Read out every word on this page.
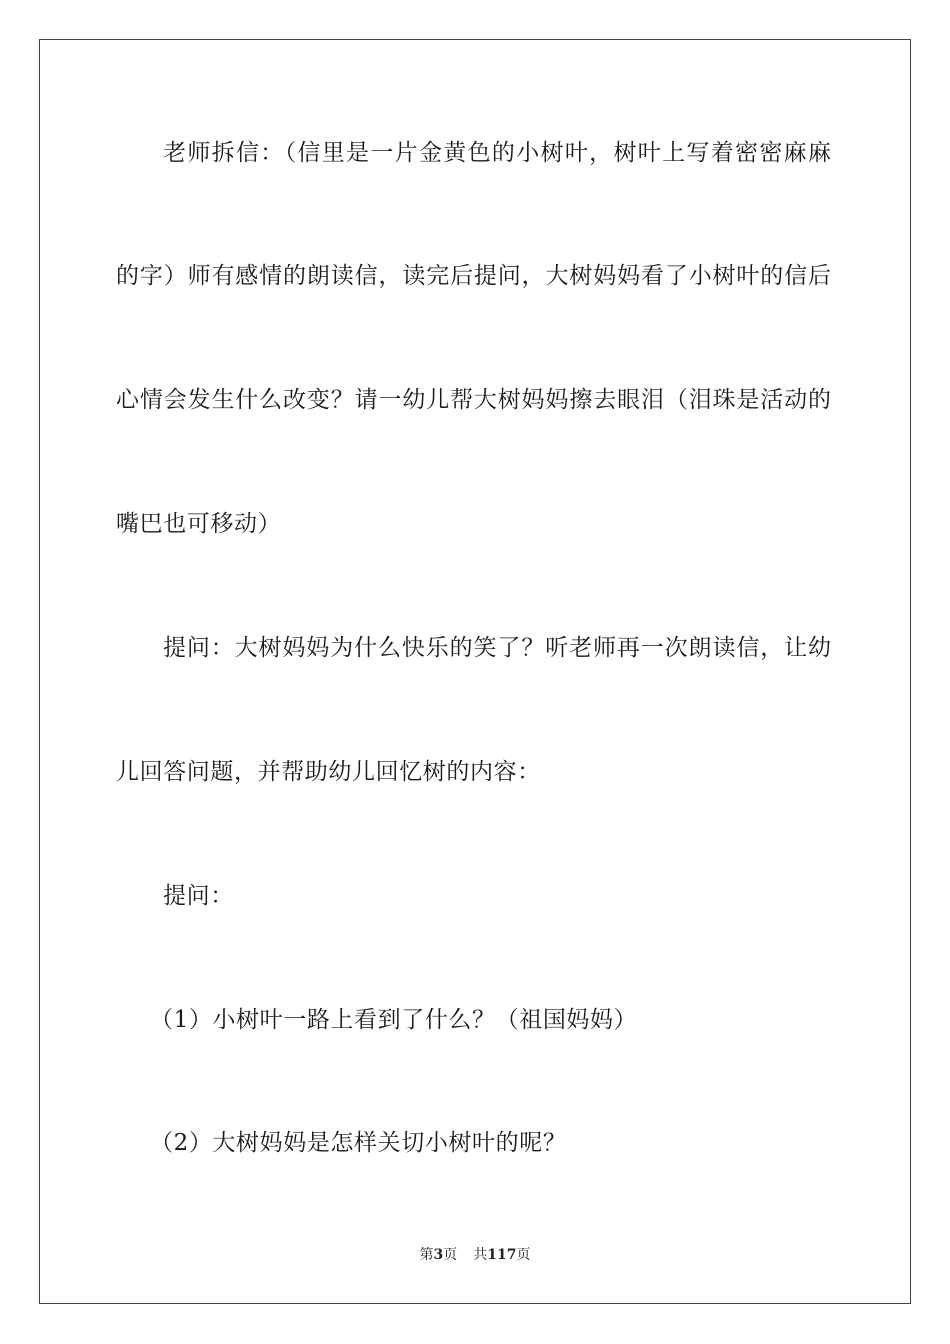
老师拆信：（信里是一片金黄色的小树叶，树叶上写着密密麻麻
的字）师有感情的朗读信，读完后提问，大树妈妈看了小树叶的信后
心情会发生什么改变？请一幼儿帮大树妈妈擦去眼泪（泪珠是活动的
嘴巴也可移动）
提问：大树妈妈为什么快乐的笑了？听老师再一次朗读信，让幼
儿回答问题，并帮助幼儿回忆树的内容：
提问：
（1）小树叶一路上看到了什么？（祖国妈妈）
（2）大树妈妈是怎样关切小树叶的呢？
第3页 共117页
